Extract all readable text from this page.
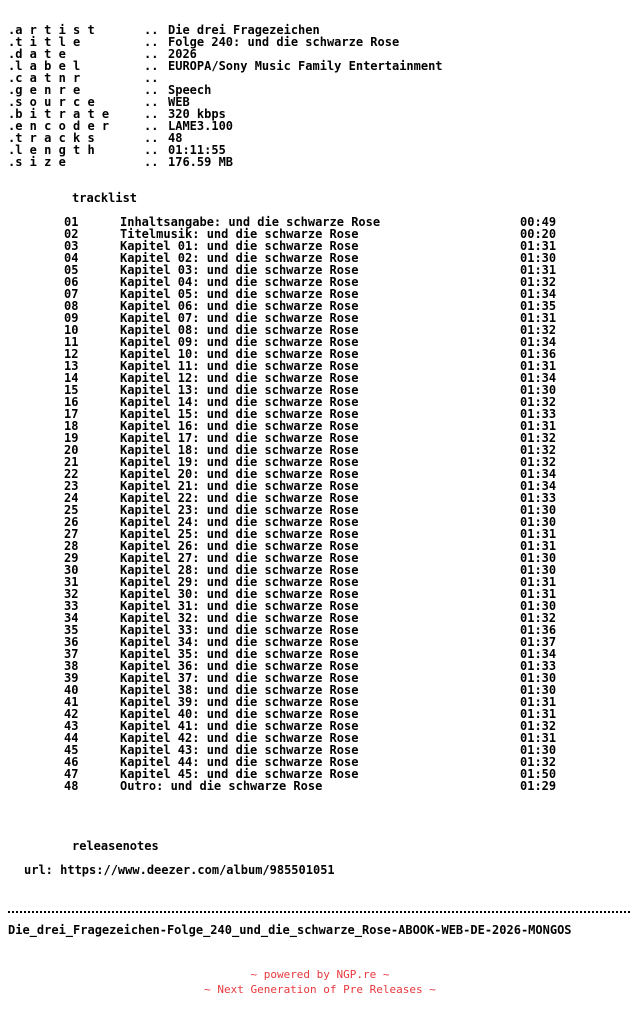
.a r t i s t	.. Die drei Fragezeichen
.t i t l e	.. Folge 240: und die schwarze Rose
.d a t e	.. 2026
.l a b e l	.. EUROPA/Sony Music Family Entertainment
.c a t n r	..
.g e n r e	.. Speech
.s o u r c e	.. WEB
.b i t r a t e	.. 320 kbps
.e n c o d e r	.. LAME3.100
.t r a c k s	.. 48
.l e n g t h	.. 01:11:55
.s i z e	.. 176.59 MB
tracklist
01	Inhaltsangabe: und die schwarze Rose	00:49
02	Titelmusik: und die schwarze Rose	00:20
03	Kapitel 01: und die schwarze Rose	01:31
04	Kapitel 02: und die schwarze Rose	01:30
05	Kapitel 03: und die schwarze Rose	01:31
06	Kapitel 04: und die schwarze Rose	01:32
07	Kapitel 05: und die schwarze Rose	01:34
08	Kapitel 06: und die schwarze Rose	01:35
09	Kapitel 07: und die schwarze Rose	01:31
10	Kapitel 08: und die schwarze Rose	01:32
11	Kapitel 09: und die schwarze Rose	01:34
12	Kapitel 10: und die schwarze Rose	01:36
13	Kapitel 11: und die schwarze Rose	01:31
14	Kapitel 12: und die schwarze Rose	01:34
15	Kapitel 13: und die schwarze Rose	01:30
16	Kapitel 14: und die schwarze Rose	01:32
17	Kapitel 15: und die schwarze Rose	01:33
18	Kapitel 16: und die schwarze Rose	01:31
19	Kapitel 17: und die schwarze Rose	01:32
20	Kapitel 18: und die schwarze Rose	01:32
21	Kapitel 19: und die schwarze Rose	01:32
22	Kapitel 20: und die schwarze Rose	01:34
23	Kapitel 21: und die schwarze Rose	01:34
24	Kapitel 22: und die schwarze Rose	01:33
25	Kapitel 23: und die schwarze Rose	01:30
26	Kapitel 24: und die schwarze Rose	01:30
27	Kapitel 25: und die schwarze Rose	01:31
28	Kapitel 26: und die schwarze Rose	01:31
29	Kapitel 27: und die schwarze Rose	01:30
30	Kapitel 28: und die schwarze Rose	01:30
31	Kapitel 29: und die schwarze Rose	01:31
32	Kapitel 30: und die schwarze Rose	01:31
33	Kapitel 31: und die schwarze Rose	01:30
34	Kapitel 32: und die schwarze Rose	01:32
35	Kapitel 33: und die schwarze Rose	01:36
36	Kapitel 34: und die schwarze Rose	01:37
37	Kapitel 35: und die schwarze Rose	01:34
38	Kapitel 36: und die schwarze Rose	01:33
39	Kapitel 37: und die schwarze Rose	01:30
40	Kapitel 38: und die schwarze Rose	01:30
41	Kapitel 39: und die schwarze Rose	01:31
42	Kapitel 40: und die schwarze Rose	01:31
43	Kapitel 41: und die schwarze Rose	01:32
44	Kapitel 42: und die schwarze Rose	01:31
45	Kapitel 43: und die schwarze Rose	01:30
46	Kapitel 44: und die schwarze Rose	01:32
47	Kapitel 45: und die schwarze Rose	01:50
48	Outro: und die schwarze Rose	01:29
releasenotes
url: https://www.deezer.com/album/985501051
Die_drei_Fragezeichen-Folge_240_und_die_schwarze_Rose-ABOOK-WEB-DE-2026-MONGOS
~ powered by NGP.re ~
~ Next Generation of Pre Releases ~
